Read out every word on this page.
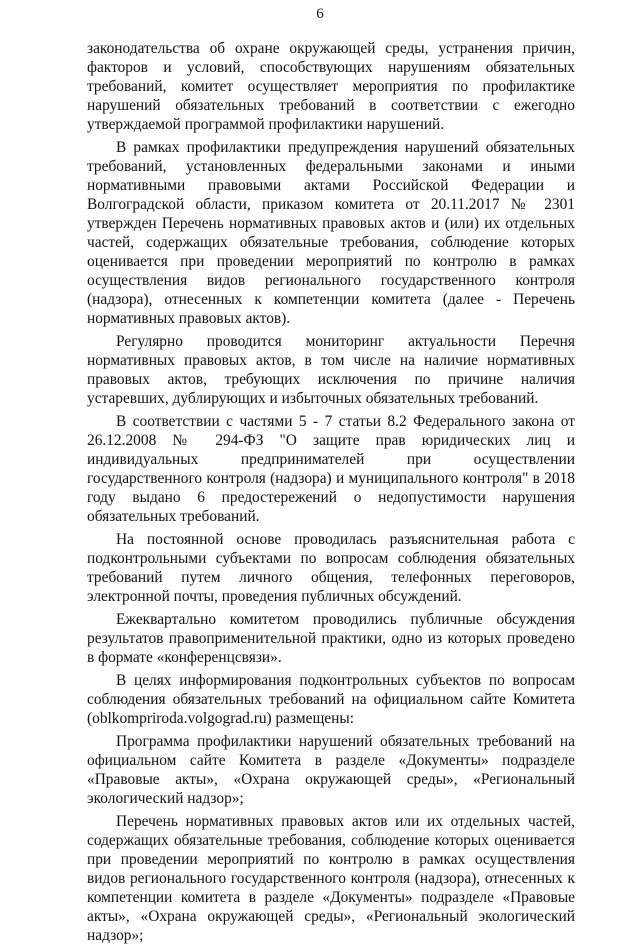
6

законодательства об охране окружающей среды, устранения причин, факторов и условий, способствующих нарушениям обязательных требований, комитет осуществляет мероприятия по профилактике нарушений обязательных требований в соответствии с ежегодно утверждаемой программой профилактики нарушений.

В рамках профилактики предупреждения нарушений обязательных требований, установленных федеральными законами и иными нормативными правовыми актами Российской Федерации и Волгоградской области, приказом комитета от 20.11.2017 № 2301 утвержден Перечень нормативных правовых актов и (или) их отдельных частей, содержащих обязательные требования, соблюдение которых оценивается при проведении мероприятий по контролю в рамках осуществления видов регионального государственного контроля (надзора), отнесенных к компетенции комитета (далее - Перечень нормативных правовых актов).

Регулярно проводится мониторинг актуальности Перечня нормативных правовых актов, в том числе на наличие нормативных правовых актов, требующих исключения по причине наличия устаревших, дублирующих и избыточных обязательных требований.

В соответствии с частями 5 - 7 статьи 8.2 Федерального закона от 26.12.2008 № 294-ФЗ "О защите прав юридических лиц и индивидуальных предпринимателей при осуществлении государственного контроля (надзора) и муниципального контроля" в 2018 году выдано 6 предостережений о недопустимости нарушения обязательных требований.

На постоянной основе проводилась разъяснительная работа с подконтрольными субъектами по вопросам соблюдения обязательных требований путем личного общения, телефонных переговоров, электронной почты, проведения публичных обсуждений.

Ежеквартально комитетом проводились публичные обсуждения результатов правоприменительной практики, одно из которых проведено в формате «конференцсвязи».

В целях информирования подконтрольных субъектов по вопросам соблюдения обязательных требований на официальном сайте Комитета (oblkompriroda.volgograd.ru) размещены:

Программа профилактики нарушений обязательных требований на официальном сайте Комитета в разделе «Документы» подразделе «Правовые акты», «Охрана окружающей среды», «Региональный экологический надзор»;

Перечень нормативных правовых актов или их отдельных частей, содержащих обязательные требования, соблюдение которых оценивается при проведении мероприятий по контролю в рамках осуществления видов регионального государственного контроля (надзора), отнесенных к компетенции комитета в разделе «Документы» подразделе «Правовые акты», «Охрана окружающей среды», «Региональный экологический надзор»;
